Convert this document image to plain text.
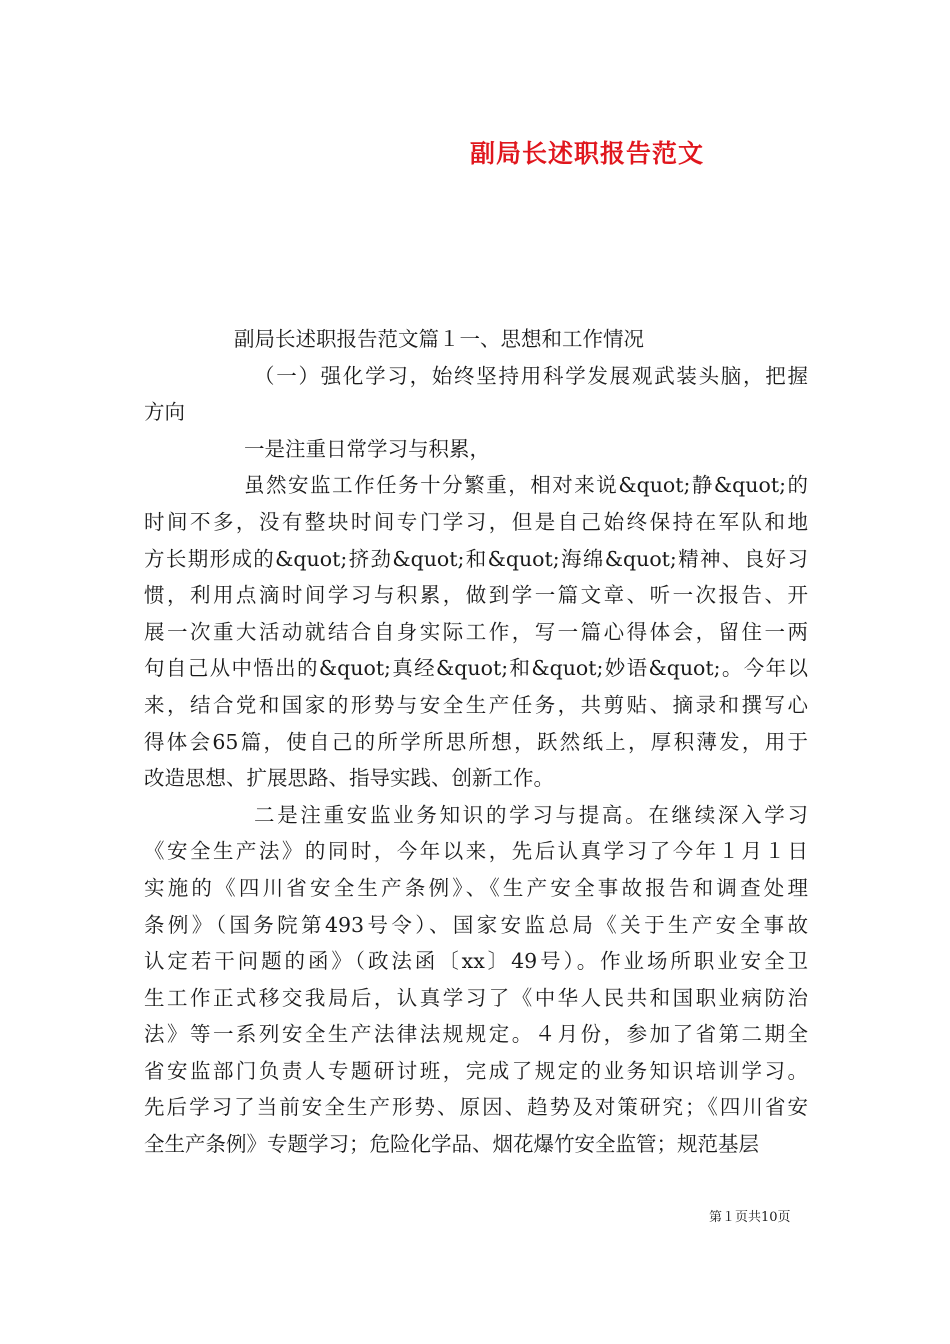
副局长述职报告范文
副局长述职报告范文篇１一、思想和工作情况
（一）强化学习，始终坚持用科学发展观武装头脑，把握
方向
一是注重日常学习与积累，
虽然安监工作任务十分繁重，相对来说&quot;静&quot;的
时间不多，没有整块时间专门学习，但是自己始终保持在军队和地
方长期形成的&quot;挤劲&quot;和&quot;海绵&quot;精神、良好习
惯，利用点滴时间学习与积累，做到学一篇文章、听一次报告、开
展一次重大活动就结合自身实际工作，写一篇心得体会，留住一两
句自己从中悟出的&quot;真经&quot;和&quot;妙语&quot;。今年以
来，结合党和国家的形势与安全生产任务，共剪贴、摘录和撰写心
得体会65篇，使自己的所学所思所想，跃然纸上，厚积薄发，用于
改造思想、扩展思路、指导实践、创新工作。
二是注重安监业务知识的学习与提高。在继续深入学习
《安全生产法》的同时，今年以来，先后认真学习了今年１月１日
实施的《四川省安全生产条例》、《生产安全事故报告和调查处理
条例》（国务院第493号令）、国家安监总局《关于生产安全事故
认定若干问题的函》（政法函〔xx〕49号）。作业场所职业安全卫
生工作正式移交我局后，认真学习了《中华人民共和国职业病防治
法》等一系列安全生产法律法规规定。４月份，参加了省第二期全
省安监部门负责人专题研讨班，完成了规定的业务知识培训学习。
先后学习了当前安全生产形势、原因、趋势及对策研究；《四川省安
全生产条例》专题学习；危险化学品、烟花爆竹安全监管；规范基层
第１页共10页
